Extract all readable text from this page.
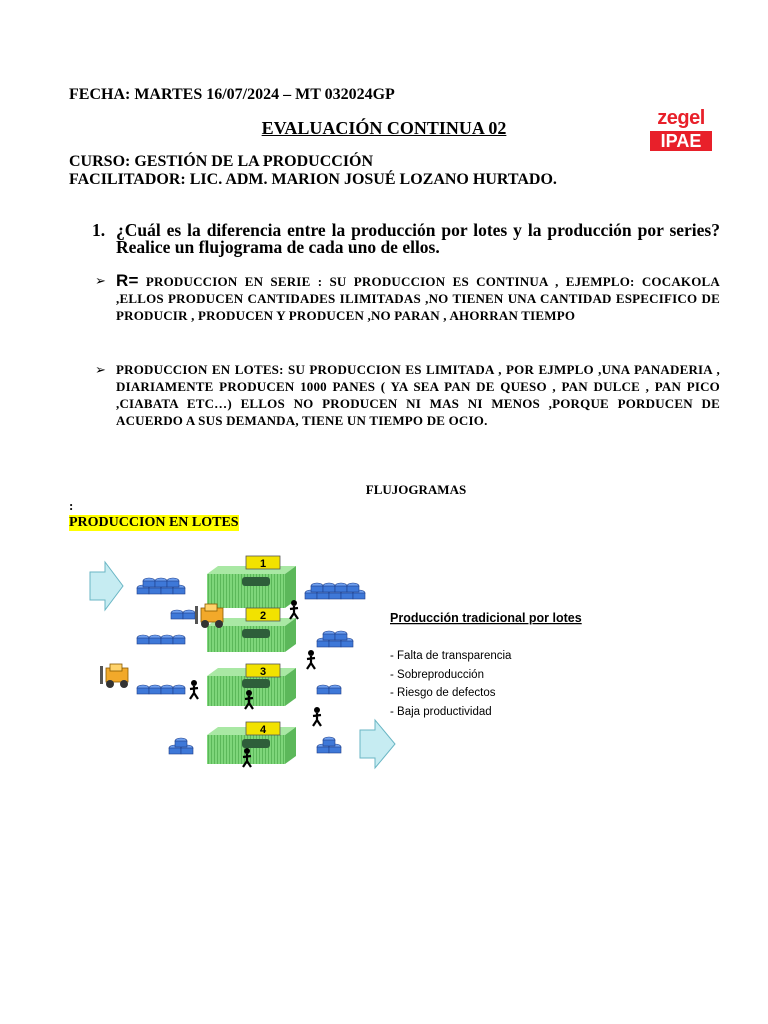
FECHA: MARTES 16/07/2024 – MT 032024GP
EVALUACIÓN CONTINUA 02
CURSO: GESTIÓN DE LA PRODUCCIÓN
FACILITADOR: LIC. ADM. MARION JOSUÉ LOZANO HURTADO.
zegel
IPAE
1. ¿Cuál es la diferencia entre la producción por lotes y la producción por series? Realice un flujograma de cada uno de ellos.
➢ R= PRODUCCION EN SERIE : SU PRODUCCION ES CONTINUA , EJEMPLO: COCAKOLA ,ELLOS PRODUCEN CANTIDADES ILIMITADAS ,NO TIENEN UNA CANTIDAD ESPECIFICO DE PRODUCIR , PRODUCEN Y PRODUCEN ,NO PARAN , AHORRAN TIEMPO
➢ PRODUCCION EN LOTES: SU PRODUCCION ES LIMITADA , POR EJMPLO ,UNA PANADERIA , DIARIAMENTE PRODUCEN 1000 PANES ( YA SEA PAN DE QUESO , PAN DULCE , PAN PICO ,CIABATA ETC…) ELLOS NO PRODUCEN NI MAS NI MENOS ,PORQUE PORDUCEN DE ACUERDO A SUS DEMANDA, TIENE UN TIEMPO DE OCIO.
FLUJOGRAMAS
:
PRODUCCION EN LOTES
1
2
3
4
Producción tradicional por lotes
- Falta de transparencia
- Sobreproducción
- Riesgo de defectos
- Baja productividad
